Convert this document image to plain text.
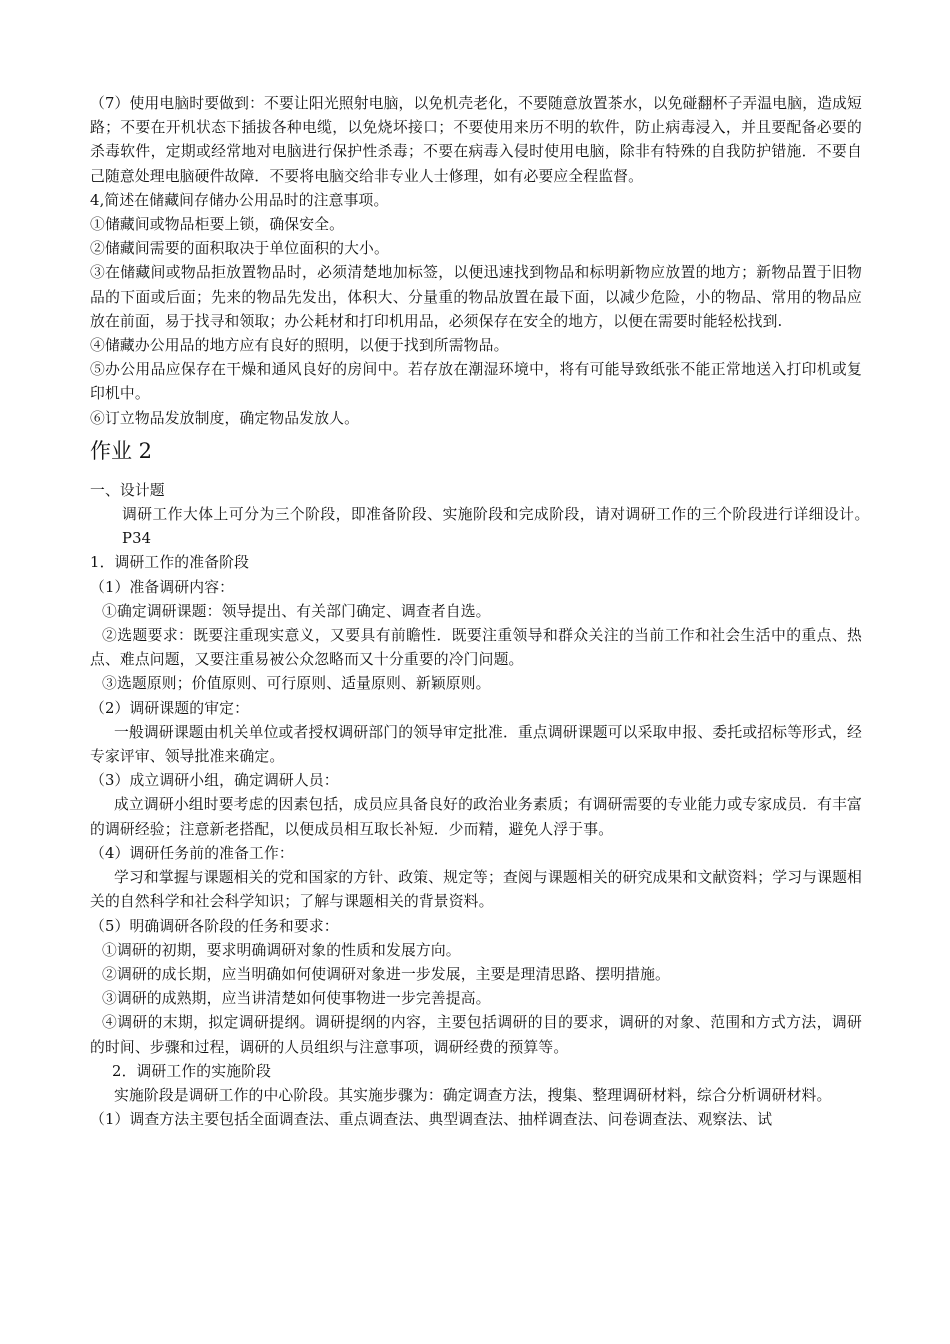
（7）使用电脑时要做到：不要让阳光照射电脑，以免机壳老化，不要随意放置茶水，以免碰翻杯子弄温电脑，造成短路；不要在开机状态下插拔各种电缆，以免烧坏接口；不要使用来历不明的软件，防止病毒浸入，并且要配备必要的杀毒软件，定期或经常地对电脑进行保护性杀毒；不要在病毒入侵时使用电脑，除非有特殊的自我防护错施．不要自己随意处理电脑硬件故障．不要将电脑交给非专业人士修理，如有必要应全程监督。

4,简述在储藏间存储办公用品时的注意事项。

①储藏间或物品柜要上锁，确保安全。

②储藏间需要的面积取决于单位面积的大小。

③在储藏间或物品拒放置物品时，必须清楚地加标签，以便迅速找到物品和标明新物应放置的地方；新物品置于旧物品的下面或后面；先来的物品先发出，体积大、分量重的物品放置在最下面，以减少危险，小的物品、常用的物品应放在前面，易于找寻和领取；办公耗材和打印机用品，必须保存在安全的地方，以便在需要时能轻松找到.

④储藏办公用品的地方应有良好的照明，以便于找到所需物品。

⑤办公用品应保存在干燥和通风良好的房间中。若存放在潮湿环境中，将有可能导致纸张不能正常地送入打印机或复印机中。

⑥订立物品发放制度，确定物品发放人。

作业 2

一、设计题

调研工作大体上可分为三个阶段，即准备阶段、实施阶段和完成阶段，请对调研工作的三个阶段进行详细设计。　P34

1．调研工作的准备阶段

（1）准备调研内容：

①确定调研课题：领导提出、有关部门确定、调查者自选。

②选题要求：既要注重现实意义，又要具有前瞻性．既要注重领导和群众关注的当前工作和社会生活中的重点、热点、难点问题，又要注重易被公众忽略而又十分重要的冷门问题。

③选题原则；价值原则、可行原则、适量原则、新颖原则。

（2）调研课题的审定：

一般调研课题由机关单位或者授权调研部门的领导审定批准．重点调研课题可以采取申报、委托或招标等形式，经专家评审、领导批准来确定。

（3）成立调研小组，确定调研人员：

成立调研小组时要考虑的因素包括，成员应具备良好的政治业务素质；有调研需要的专业能力或专家成员．有丰富的调研经验；注意新老搭配，以便成员相互取长补短．少而精，避免人浮于事。

（4）调研任务前的准备工作：

学习和掌握与课题相关的党和国家的方针、政策、规定等；查阅与课题相关的研究成果和文献资料；学习与课题相关的自然科学和社会科学知识；了解与课题相关的背景资料。

（5）明确调研各阶段的任务和要求：

①调研的初期，要求明确调研对象的性质和发展方向。

②调研的成长期，应当明确如何使调研对象进一步发展，主要是理清思路、摆明措施。

③调研的成熟期，应当讲清楚如何使事物进一步完善提高。

④调研的末期，拟定调研提纲。调研提纲的内容，主要包括调研的目的要求，调研的对象、范围和方式方法，调研的时间、步骤和过程，调研的人员组织与注意事项，调研经费的预算等。

2．调研工作的实施阶段

实施阶段是调研工作的中心阶段。其实施步骤为：确定调查方法，搜集、整理调研材料，综合分析调研材料。

（1）调查方法主要包括全面调查法、重点调查法、典型调查法、抽样调查法、问卷调查法、观察法、试
